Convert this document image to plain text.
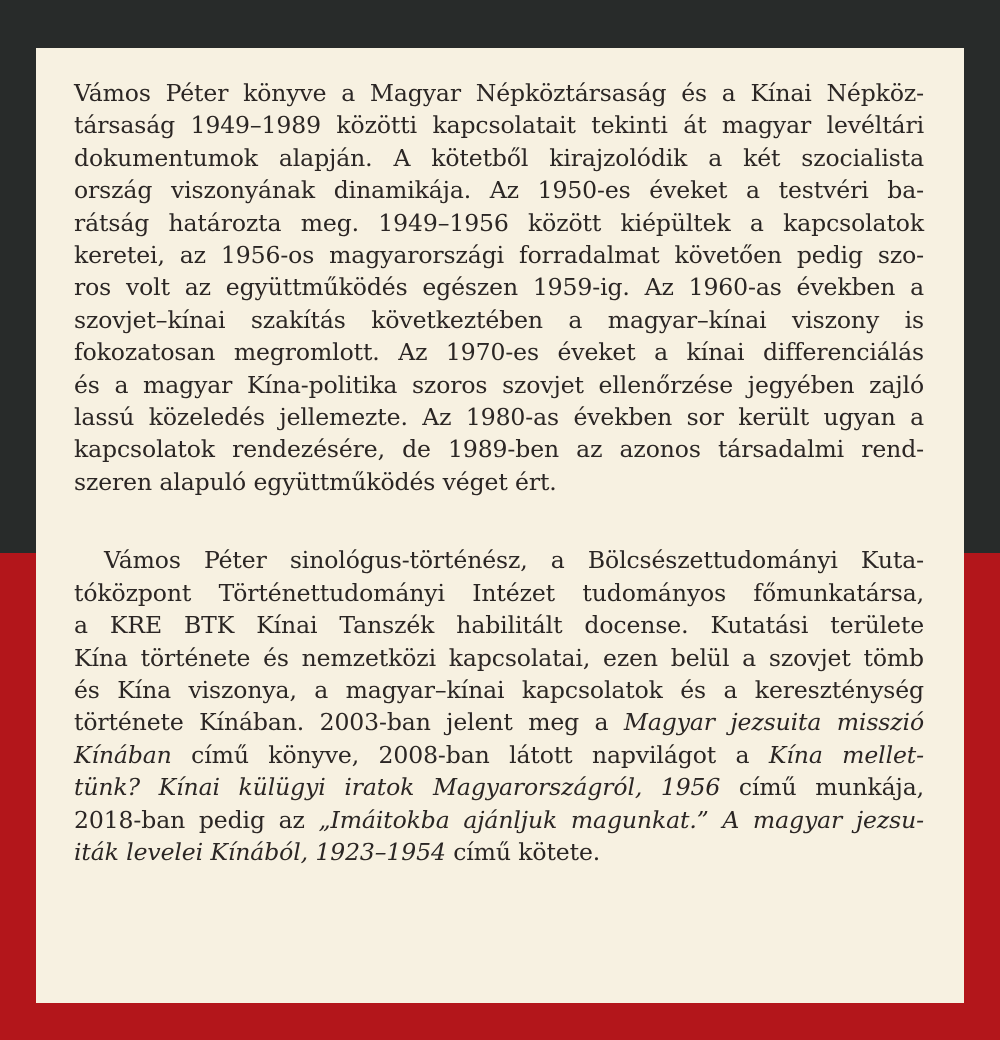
Vámos Péter könyve a Magyar Népköztársaság és a Kínai Népköz-
társaság 1949–1989 közötti kapcsolatait tekinti át magyar levéltári
dokumentumok alapján. A kötetből kirajzolódik a két szocialista
ország viszonyának dinamikája. Az 1950-es éveket a testvéri ba-
rátság határozta meg. 1949–1956 között kiépültek a kapcsolatok
keretei, az 1956-os magyarországi forradalmat követően pedig szo-
ros volt az együttműködés egészen 1959-ig. Az 1960-as években a
szovjet–kínai szakítás következtében a magyar–kínai viszony is
fokozatosan megromlott. Az 1970-es éveket a kínai differenciálás
és a magyar Kína-politika szoros szovjet ellenőrzése jegyében zajló
lassú közeledés jellemezte. Az 1980-as években sor került ugyan a
kapcsolatok rendezésére, de 1989-ben az azonos társadalmi rend-
szeren alapuló együttműködés véget ért.

Vámos Péter sinológus-történész, a Bölcsészettudományi Kuta-
tóközpont Történettudományi Intézet tudományos főmunkatársa,
a KRE BTK Kínai Tanszék habilitált docense. Kutatási területe
Kína története és nemzetközi kapcsolatai, ezen belül a szovjet tömb
és Kína viszonya, a magyar–kínai kapcsolatok és a kereszténység
története Kínában. 2003-ban jelent meg a Magyar jezsuita misszió
Kínában című könyve, 2008-ban látott napvilágot a Kína mellet-
tünk? Kínai külügyi iratok Magyarországról, 1956 című munkája,
2018-ban pedig az „Imáitokba ajánljuk magunkat.” A magyar jezsu-
iták levelei Kínából, 1923–1954 című kötete.
